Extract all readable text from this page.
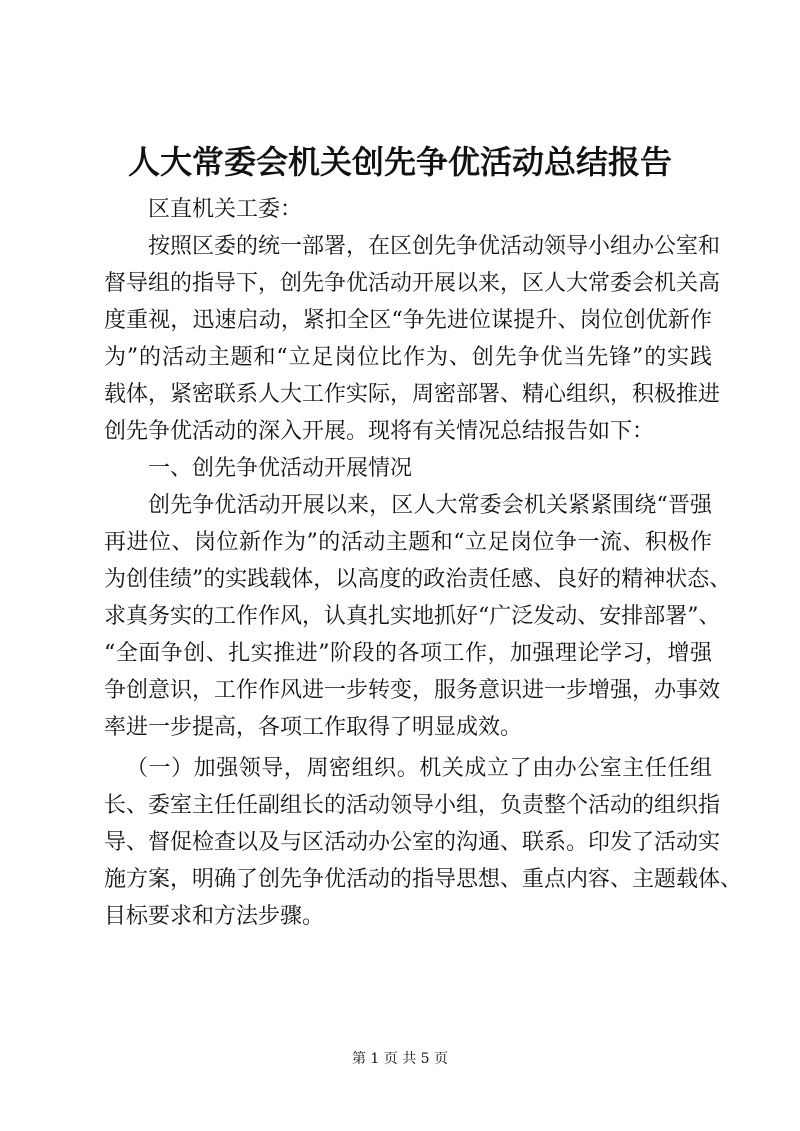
人大常委会机关创先争优活动总结报告

区直机关工委：

按照区委的统一部署，在区创先争优活动领导小组办公室和
督导组的指导下，创先争优活动开展以来，区人大常委会机关高
度重视，迅速启动，紧扣全区“争先进位谋提升、岗位创优新作
为”的活动主题和“立足岗位比作为、创先争优当先锋”的实践
载体，紧密联系人大工作实际，周密部署、精心组织，积极推进
创先争优活动的深入开展。现将有关情况总结报告如下：

一、创先争优活动开展情况

创先争优活动开展以来，区人大常委会机关紧紧围绕“晋强
再进位、岗位新作为”的活动主题和“立足岗位争一流、积极作
为创佳绩”的实践载体，以高度的政治责任感、良好的精神状态、
求真务实的工作作风，认真扎实地抓好“广泛发动、安排部署”、
“全面争创、扎实推进”阶段的各项工作，加强理论学习，增强
争创意识，工作作风进一步转变，服务意识进一步增强，办事效
率进一步提高，各项工作取得了明显成效。

（一）加强领导，周密组织。机关成立了由办公室主任任组
长、委室主任任副组长的活动领导小组，负责整个活动的组织指
导、督促检查以及与区活动办公室的沟通、联系。印发了活动实
施方案，明确了创先争优活动的指导思想、重点内容、主题载体、
目标要求和方法步骤。

第 1 页 共 5 页
